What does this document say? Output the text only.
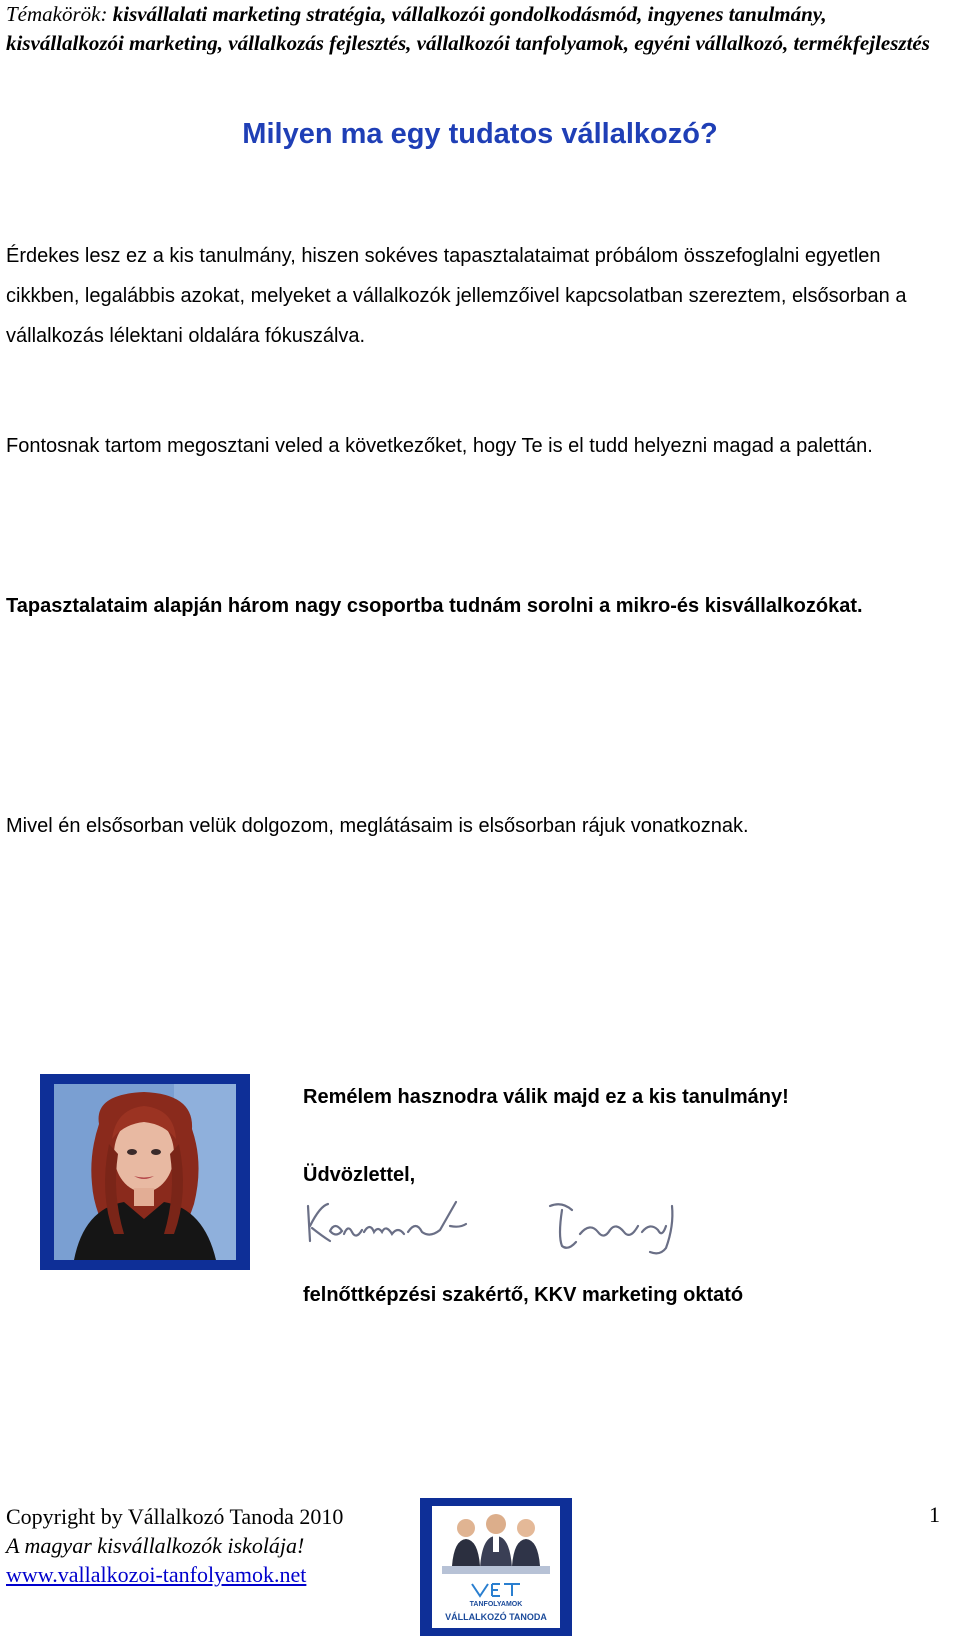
Témakörök: kisvállalati marketing stratégia, vállalkozói gondolkodásmód, ingyenes tanulmány, kisvállalkozói marketing, vállalkozás fejlesztés, vállalkozói tanfolyamok, egyéni vállalkozó, termékfejlesztés
Milyen ma egy tudatos vállalkozó?
Érdekes lesz ez a kis tanulmány, hiszen sokéves tapasztalataimat próbálom összefoglalni egyetlen cikkben, legalábbis azokat, melyeket a vállalkozók jellemzőivel kapcsolatban szereztem, elsősorban a vállalkozás lélektani oldalára fókuszálva.
Fontosnak tartom megosztani veled a következőket, hogy Te is el tudd helyezni magad a palettán.
Tapasztalataim alapján három nagy csoportba tudnám sorolni a mikro-és kisvállalkozókat.
Mivel én elsősorban velük dolgozom, meglátásaim is elsősorban rájuk vonatkoznak.
Remélem hasznodra válik majd ez a kis tanulmány!
Üdvözlettel,
felnőttképzési szakértő, KKV marketing oktató
Copyright by Vállalkozó Tanoda 2010
A magyar kisvállalkozók iskolája!
www.vallalkozoi-tanfolyamok.net
TANFOLYAMOK
VÁLLALKOZÓ TANODA
1
